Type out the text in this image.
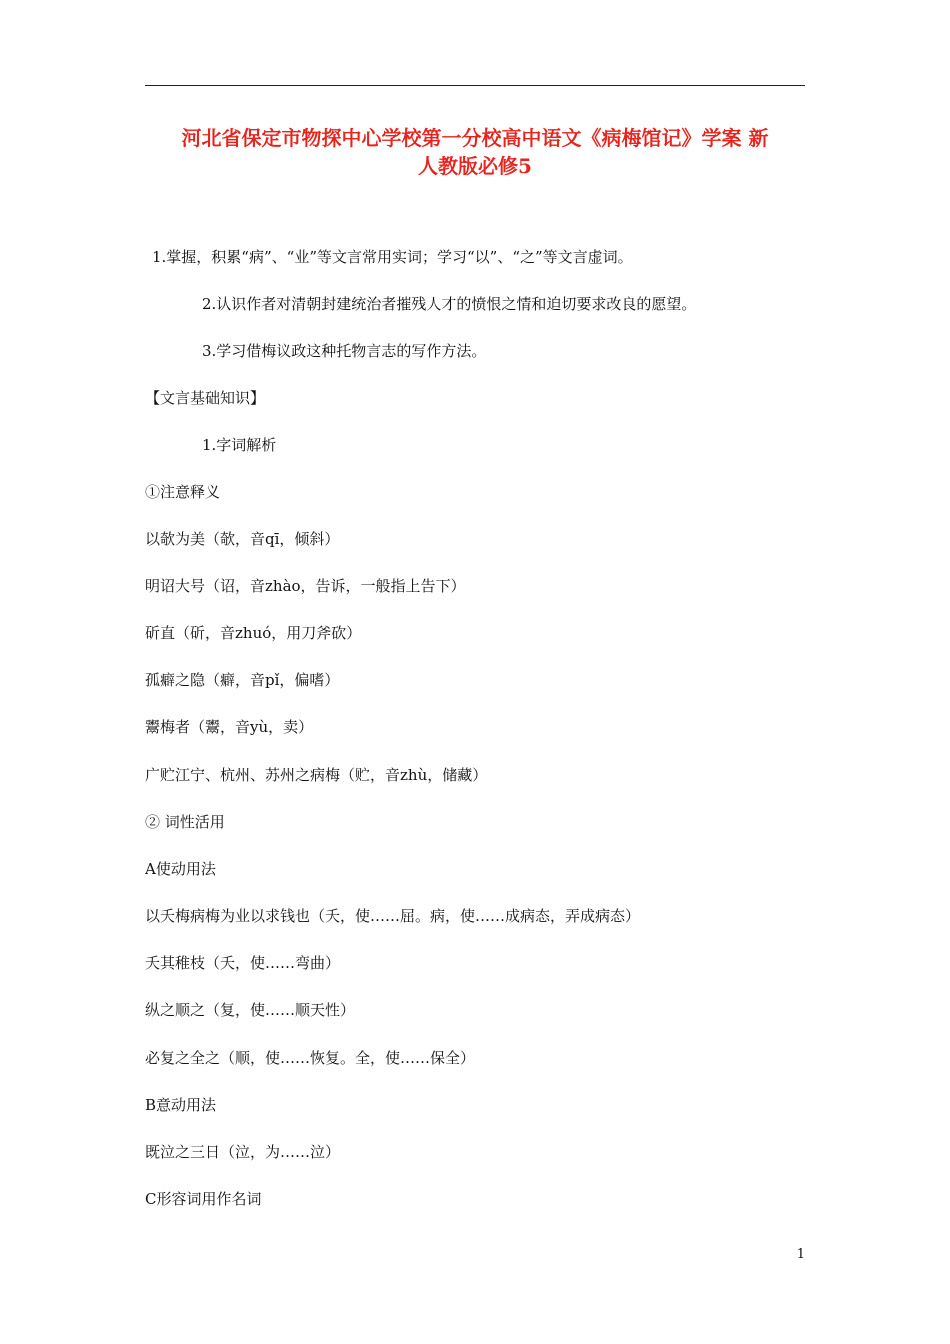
河北省保定市物探中心学校第一分校高中语文《病梅馆记》学案 新
人教版必修5

1.掌握，积累“病”、“业”等文言常用实词；学习“以”、“之”等文言虚词。

2.认识作者对清朝封建统治者摧残人才的愤恨之情和迫切要求改良的愿望。

3.学习借梅议政这种托物言志的写作方法。

【文言基础知识】

1.字词解析

①注意释义

以欹为美（欹，音qī，倾斜）

明诏大号（诏，音zhào，告诉，一般指上告下）

斫直（斫，音zhuó，用刀斧砍）

孤癖之隐（癖，音pǐ，偏嗜）

鬻梅者（鬻，音yù，卖）

广贮江宁、杭州、苏州之病梅（贮，音zhù，储藏）

② 词性活用

A使动用法

以夭梅病梅为业以求钱也（夭，使……屈。病，使……成病态，弄成病态）

夭其稚枝（夭，使……弯曲）

纵之顺之（复，使……顺天性）

必复之全之（顺，使……恢复。全，使……保全）

B意动用法

既泣之三日（泣，为……泣）

C形容词用作名词

1
